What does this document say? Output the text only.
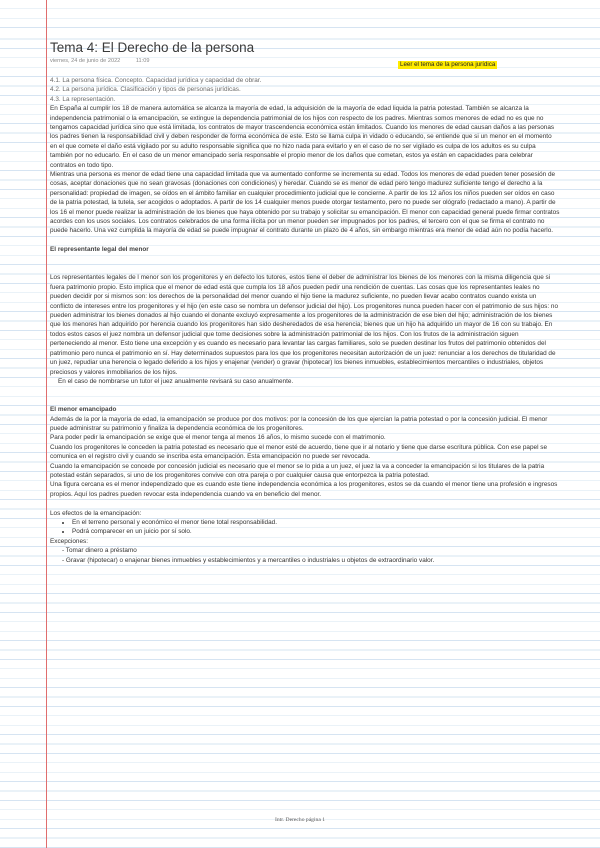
Leer el tema de la persona jurídica
Tema 4: El Derecho de la persona
viernes, 24 de junio de 2022	11:09
4.1. La persona física. Concepto. Capacidad jurídica y capacidad de obrar.
4.2. La persona jurídica. Clasificación y tipos de personas jurídicas.
4.3. La representación.

En España al cumplir los 18 de manera automática se alcanza la mayoría de edad, la adquisición de la mayoría de edad liquida la patria potestad. También se alcanza la independencia patrimonial o la emancipación, se extingue la dependencia patrimonial de los hijos con respecto de los padres. Mientras somos menores de edad no es que no tengamos capacidad jurídica sino que está limitada, los contratos de mayor trascendencia económica están limitados. Cuando los menores de edad causan daños a las personas los padres tienen la responsabilidad civil y deben responder de forma económica de este. Esto se llama culpa in vidado o educando, se entiende que si un menor en el momento en el que comete el daño está vigilado por su adulto responsable significa que no hizo nada para evitarlo y en el caso de no ser vigilado es culpa de los adultos es su culpa también por no educarlo. En el caso de un menor emancipado sería responsable el propio menor de los daños que cometan, estos ya están en capacidades para celebrar contratos en todo tipo.

Mientras una persona es menor de edad tiene una capacidad limitada que va aumentado conforme se incrementa su edad. Todos los menores de edad pueden tener posesión de cosas, aceptar donaciones que no sean gravosas (donaciones con condiciones) y heredar. Cuando se es menor de edad pero tengo madurez suficiente tengo el derecho a la personalidad: propiedad de imagen, se oídos en el ámbito familiar en cualquier procedimiento judicial que le concierne. A partir de los 12 años los niños pueden ser oídos en caso de la patria potestad, la tutela, ser acogidos o adoptados. A partir de los 14 cualquier menos puede otorgar testamento, pero no puede ser ológrafo (redactado a mano). A partir de los 16 el menor puede realizar la administración de los bienes que haya obtenido por su trabajo y solicitar su emancipación. El menor con capacidad general puede firmar contratos acordes con los usos sociales. Los contratos celebrados de una forma ilícita por un menor pueden ser impugnados por los padres, el tercero con el que se firma el contrato no puede hacerlo. Una vez cumplida la mayoría de edad se puede impugnar el contrato durante un plazo de 4 años, sin embargo mientras era menor de edad aún no podía hacerlo.

El representante legal del menor

Los representantes legales de l menor son los progenitores y en defecto los tutores, estos tiene el deber de administrar los bienes de los menores con la misma diligencia que si fuera patrimonio propio. Esto implica que el menor de edad está que cumpla los 18 años pueden pedir una rendición de cuentas. Las cosas que los representantes leales no pueden decidir por si mismos son: los derechos de la personalidad del menor cuando el hijo tiene la madurez suficiente, no pueden llevar acabo contratos cuando exista un conflicto de intereses entre los progenitores y el hijo (en este caso se nombra un defensor judicial del hijo). Los progenitores nunca pueden hacer con el patrimonio de sus hijos: no pueden administrar los bienes donados al hijo cuando el donante excluyó expresamente a los progenitores de la administración de ese bien del hijo; administración de los bienes que los menores han adquirido por herencia cuando los progenitores han sido desheredados de esa herencia; bienes que un hijo ha adquirido un mayor de 16 con su trabajo. En todos estos casos el juez nombra un defensor judicial que tome decisiones sobre la administración patrimonial de los hijos. Con los frutos de la administración siguen perteneciendo al menor. Esto tiene una excepción y es cuando es necesario para levantar las cargas familiares, solo se pueden destinar los frutos del patrimonio obtenidos del patrimonio pero nunca el patrimonio en sí. Hay determinados supuestos para los que los progenitores necesitan autorización de un juez: renunciar a los derechos de titularidad de un juez, repudiar una herencia o legado deferido a los hijos y enajenar (vender) o gravar (hipotecar) los bienes inmuebles, establecimientos mercantiles o industriales, objetos preciosos y valores inmobiliarios de los hijos.

En el caso de nombrarse un tutor el juez anualmente revisará su caso anualmente.

El menor emancipado

Además de la por la mayoría de edad, la emancipación se produce por dos motivos: por la concesión de los que ejercían la patria potestad o por la concesión judicial. El menor puede administrar su patrimonio y finaliza la dependencia económica de los progenitores.

Para poder pedir la emancipación se exige que el menor tenga al menos 16 años, lo mismo sucede con el matrimonio.

Cuando los progenitores le conceden la patria potestad es necesario que el menor esté de acuerdo, tiene que ir al notario y tiene que darse escritura pública. Con ese papel se comunica en el registro civil y cuando se inscriba esta emancipación. Esta emancipación no puede ser revocada.

Cuando la emancipación se concede por concesión judicial es necesario que el menor se lo pida a un juez, el juez la va a conceder la emancipación si los titulares de la patria potestad están separados, si uno de los progenitores convive con otra pareja o por cualquier causa que entorpezca la patria potestad.

Una figura cercana es el menor independizado que es cuando este tiene independencia económica a los progenitores, estos se da cuando el menor tiene una profesión e ingresos propios. Aquí los padres pueden revocar esta independencia cuando va en beneficio del menor.

Los efectos de la emancipación:
• En el terreno personal y económico el menor tiene total responsabilidad.
• Podrá comparecer en un juicio por sí solo.
Excepciones:
- Tomar dinero a préstamo
- Gravar (hipotecar) o enajenar bienes inmuebles y establecimientos y a mercantiles o industriales u objetos de extraordinario valor.
Intr. Derecho página 1
